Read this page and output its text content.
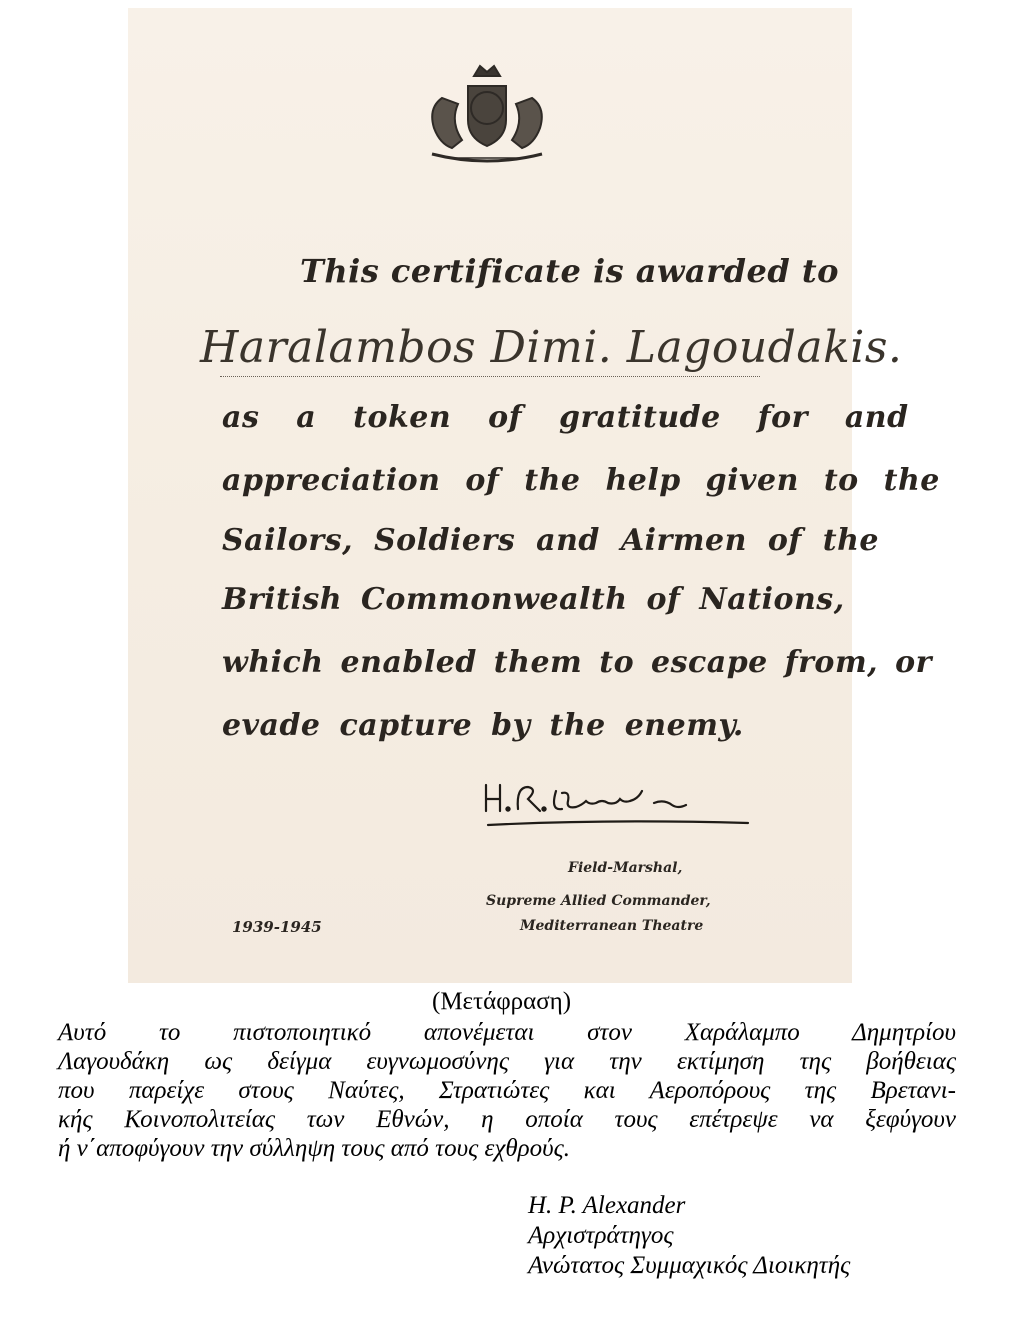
This certificate is awarded to

Haralambos Dimi. Lagoudakis.

as a token of gratitude for and

appreciation of the help given to the

Sailors, Soldiers and Airmen of the

British Commonwealth of Nations,

which enabled them to escape from, or

evade capture by the enemy.

Field-Marshal,
Supreme Allied Commander,
Mediterranean Theatre
1939-1945
(Μετάφραση)
Αυτό το πιστοποιητικό απονέμεται στον Χαράλαμπο Δημητρίου
Λαγουδάκη ως δείγμα ευγνωμοσύνης για την εκτίμηση της βοήθειας
που παρείχε στους Ναύτες, Στρατιώτες και Αεροπόρους της Βρετανι-
κής Κοινοπολιτείας των Εθνών, η οποία τους επέτρεψε να ξεφύγουν
ή ν΄αποφύγουν την σύλληψη τους από τους εχθρούς.
H. P. Alexander
Αρχιστράτηγος
Ανώτατος Συμμαχικός Διοικητής
